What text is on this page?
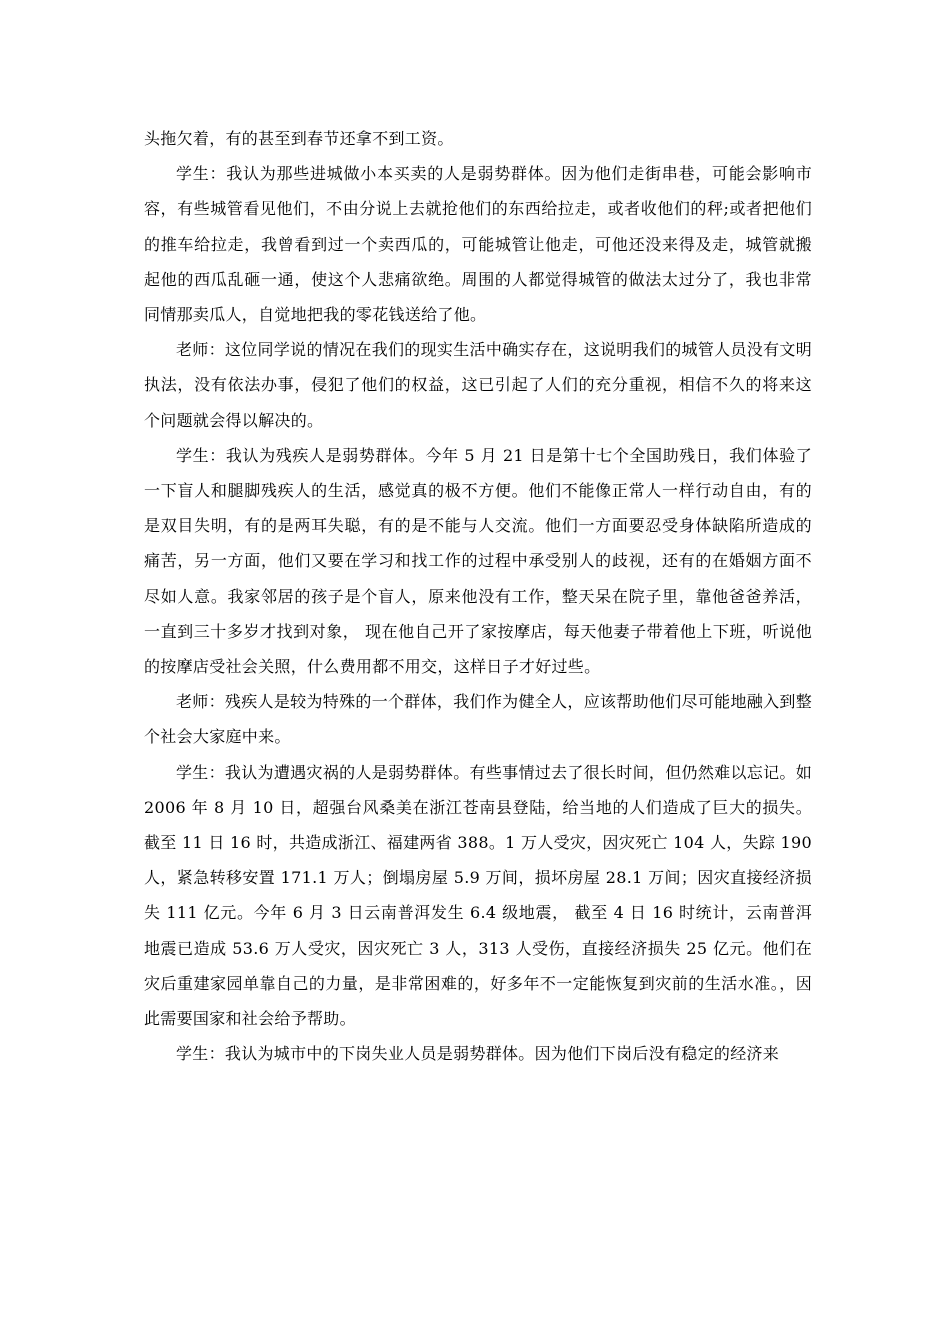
头拖欠着，有的甚至到春节还拿不到工资。

学生：我认为那些进城做小本买卖的人是弱势群体。因为他们走街串巷，可能会影响市容，有些城管看见他们，不由分说上去就抢他们的东西给拉走，或者收他们的秤;或者把他们的推车给拉走，我曾看到过一个卖西瓜的，可能城管让他走，可他还没来得及走，城管就搬起他的西瓜乱砸一通，使这个人悲痛欲绝。周围的人都觉得城管的做法太过分了，我也非常同情那卖瓜人，自觉地把我的零花钱送给了他。

老师：这位同学说的情况在我们的现实生活中确实存在，这说明我们的城管人员没有文明执法，没有依法办事，侵犯了他们的权益，这已引起了人们的充分重视，相信不久的将来这个问题就会得以解决的。

学生：我认为残疾人是弱势群体。今年 5 月 21 日是第十七个全国助残日，我们体验了一下盲人和腿脚残疾人的生活，感觉真的极不方便。他们不能像正常人一样行动自由，有的是双目失明，有的是两耳失聪，有的是不能与人交流。他们一方面要忍受身体缺陷所造成的痛苦，另一方面，他们又要在学习和找工作的过程中承受别人的歧视，还有的在婚姻方面不尽如人意。我家邻居的孩子是个盲人，原来他没有工作，整天呆在院子里，靠他爸爸养活，一直到三十多岁才找到对象， 现在他自己开了家按摩店，每天他妻子带着他上下班，听说他的按摩店受社会关照，什么费用都不用交，这样日子才好过些。

老师：残疾人是较为特殊的一个群体，我们作为健全人，应该帮助他们尽可能地融入到整个社会大家庭中来。

学生：我认为遭遇灾祸的人是弱势群体。有些事情过去了很长时间，但仍然难以忘记。如 2006 年 8 月 10 日，超强台风桑美在浙江苍南县登陆，给当地的人们造成了巨大的损失。 截至 11 日 16 时，共造成浙江、福建两省 388。1 万人受灾，因灾死亡 104 人，失踪 190 人，紧急转移安置 171.1 万人；倒塌房屋 5.9 万间，损坏房屋 28.1 万间；因灾直接经济损失 111 亿元。今年 6 月 3 日云南普洱发生 6.4 级地震， 截至 4 日 16 时统计，云南普洱地震已造成 53.6 万人受灾，因灾死亡 3 人，313 人受伤，直接经济损失 25 亿元。他们在灾后重建家园单靠自己的力量，是非常困难的，好多年不一定能恢复到灾前的生活水准。，因此需要国家和社会给予帮助。

学生：我认为城市中的下岗失业人员是弱势群体。因为他们下岗后没有稳定的经济来
